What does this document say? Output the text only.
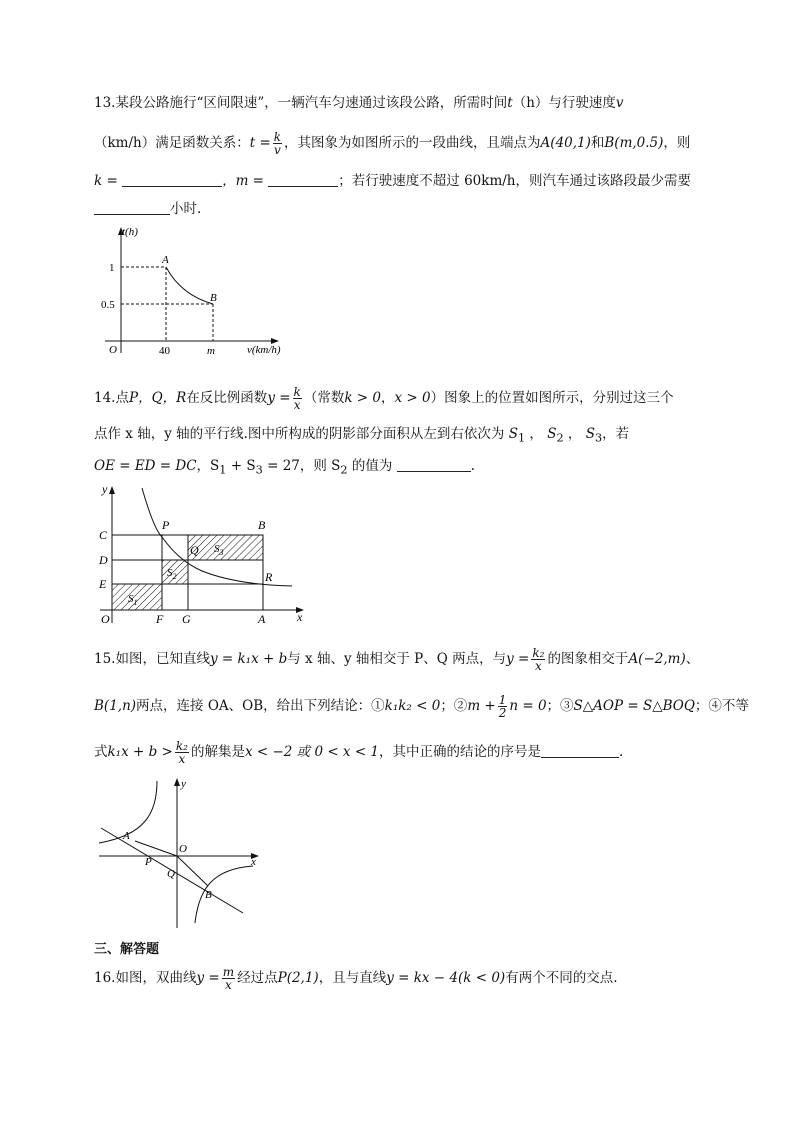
13.某段公路施行“区间限速”，一辆汽车匀速通过该段公路，所需时间t（h）与行驶速度v
（km/h）满足函数关系：$t = \frac{k}{v}$ ，其图象为如图所示的一段曲线，且端点为A(40,1)和B(m,0.5)，则
k =	，m =	；若行驶速度不超过 60km/h，则汽车通过该路段最少需要
小时.
t(h)
v(km/h)
O	40	m
1
0.5
A
B
14.点P，Q，R在反比例函数$y = \frac{k}{x}$ （常数k > 0，x > 0）图象上的位置如图所示，分别过这三个
点作 x 轴，y 轴的平行线.图中所构成的阴影部分面积从左到右依次为 $S_1$ ， $S_2$ ， $S_3$，若
OE = ED = DC，$S_1 + S_3 = 27$，则 $S_2$ 的值为	.
y
x
O
C
D
E
F G	A
P
Q
R
B
$S_1$
$S_2$
$S_3$
15.如图，已知直线y = k₁x + b与 x 轴、y 轴相交于 P、Q 两点，与$y = \frac{\text{k₂}}{x}$ 的图象相交于A(−2,m)、
B(1,n)两点，连接 OA、OB，给出下列结论：①k₁k₂ < 0；②m + $\frac{1}{2}$ n = 0；③S△AOP = S△BOQ；④不等
式$k_1x + b > \frac{\text{k₂}}{x}$ 的解集是x < −2 或 0 < x < 1，其中正确的结论的序号是	.
y
x
O
A
B
P
Q
三、解答题
16.如图，双曲线$y = \frac{m}{x}$ 经过点P(2,1)，且与直线y = kx − 4(k < 0)有两个不同的交点.
